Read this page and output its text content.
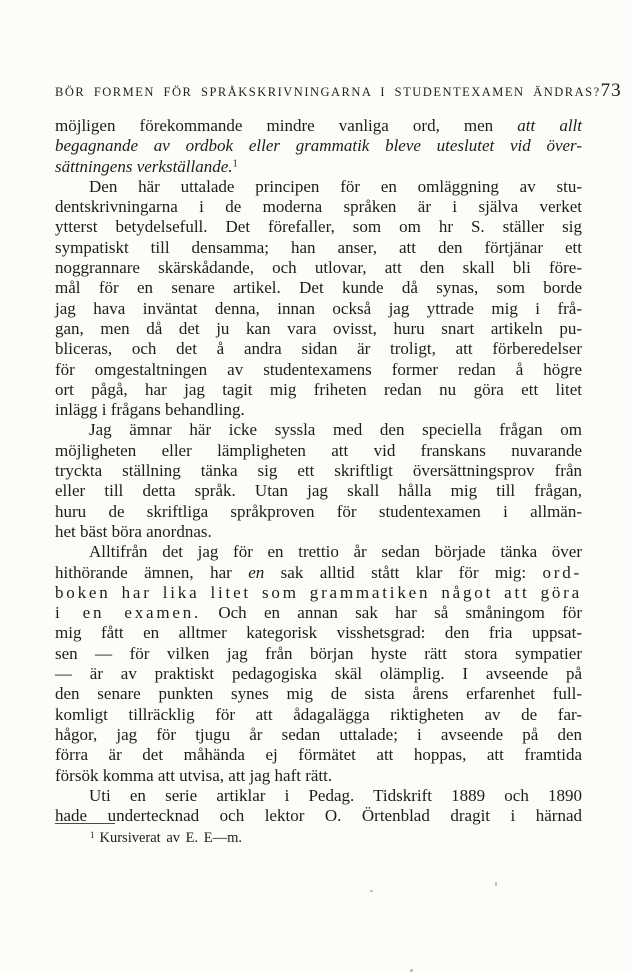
BÖR FORMEN FÖR SPRÅKSKRIVNINGARNA I STUDENTEXAMEN ÄNDRAS? 73
möjligen förekommande mindre vanliga ord, men att allt
begagnande av ordbok eller grammatik bleve uteslutet vid över-
sättningens verkställande.$^1$
Den här uttalade principen för en omläggning av stu-
dentskrivningarna i de moderna språken är i själva verket
ytterst betydelsefull. Det förefaller, som om hr S. ställer sig
sympatiskt till densamma; han anser, att den förtjänar ett
noggrannare skärskådande, och utlovar, att den skall bli före-
mål för en senare artikel. Det kunde då synas, som borde
jag hava inväntat denna, innan också jag yttrade mig i frå-
gan, men då det ju kan vara ovisst, huru snart artikeln pu-
bliceras, och det å andra sidan är troligt, att förberedelser
för omgestaltningen av studentexamens former redan å högre
ort pågå, har jag tagit mig friheten redan nu göra ett litet
inlägg i frågans behandling.
Jag ämnar här icke syssla med den speciella frågan om
möjligheten eller lämpligheten att vid franskans nuvarande
tryckta ställning tänka sig ett skriftligt översättningsprov från
eller till detta språk. Utan jag skall hålla mig till frågan,
huru de skriftliga språkproven för studentexamen i allmän-
het bäst böra anordnas.
Alltifrån det jag för en trettio år sedan började tänka över
hithörande ämnen, har en sak alltid stått klar för mig: ord-
boken har lika litet som grammatiken något att göra
i en examen. Och en annan sak har så småningom för
mig fått en alltmer kategorisk visshetsgrad: den fria uppsat-
sen — för vilken jag från början hyste rätt stora sympatier
— är av praktiskt pedagogiska skäl olämplig. I avseende på
den senare punkten synes mig de sista årens erfarenhet full-
komligt tillräcklig för att ådagalägga riktigheten av de far-
hågor, jag för tjugu år sedan uttalade; i avseende på den
förra är det måhända ej förmätet att hoppas, att framtida
försök komma att utvisa, att jag haft rätt.
Uti en serie artiklar i Pedag. Tidskrift 1889 och 1890
hade undertecknad och lektor O. Örtenblad dragit i härnad
$^1$ Kursiverat av E. E—m.
